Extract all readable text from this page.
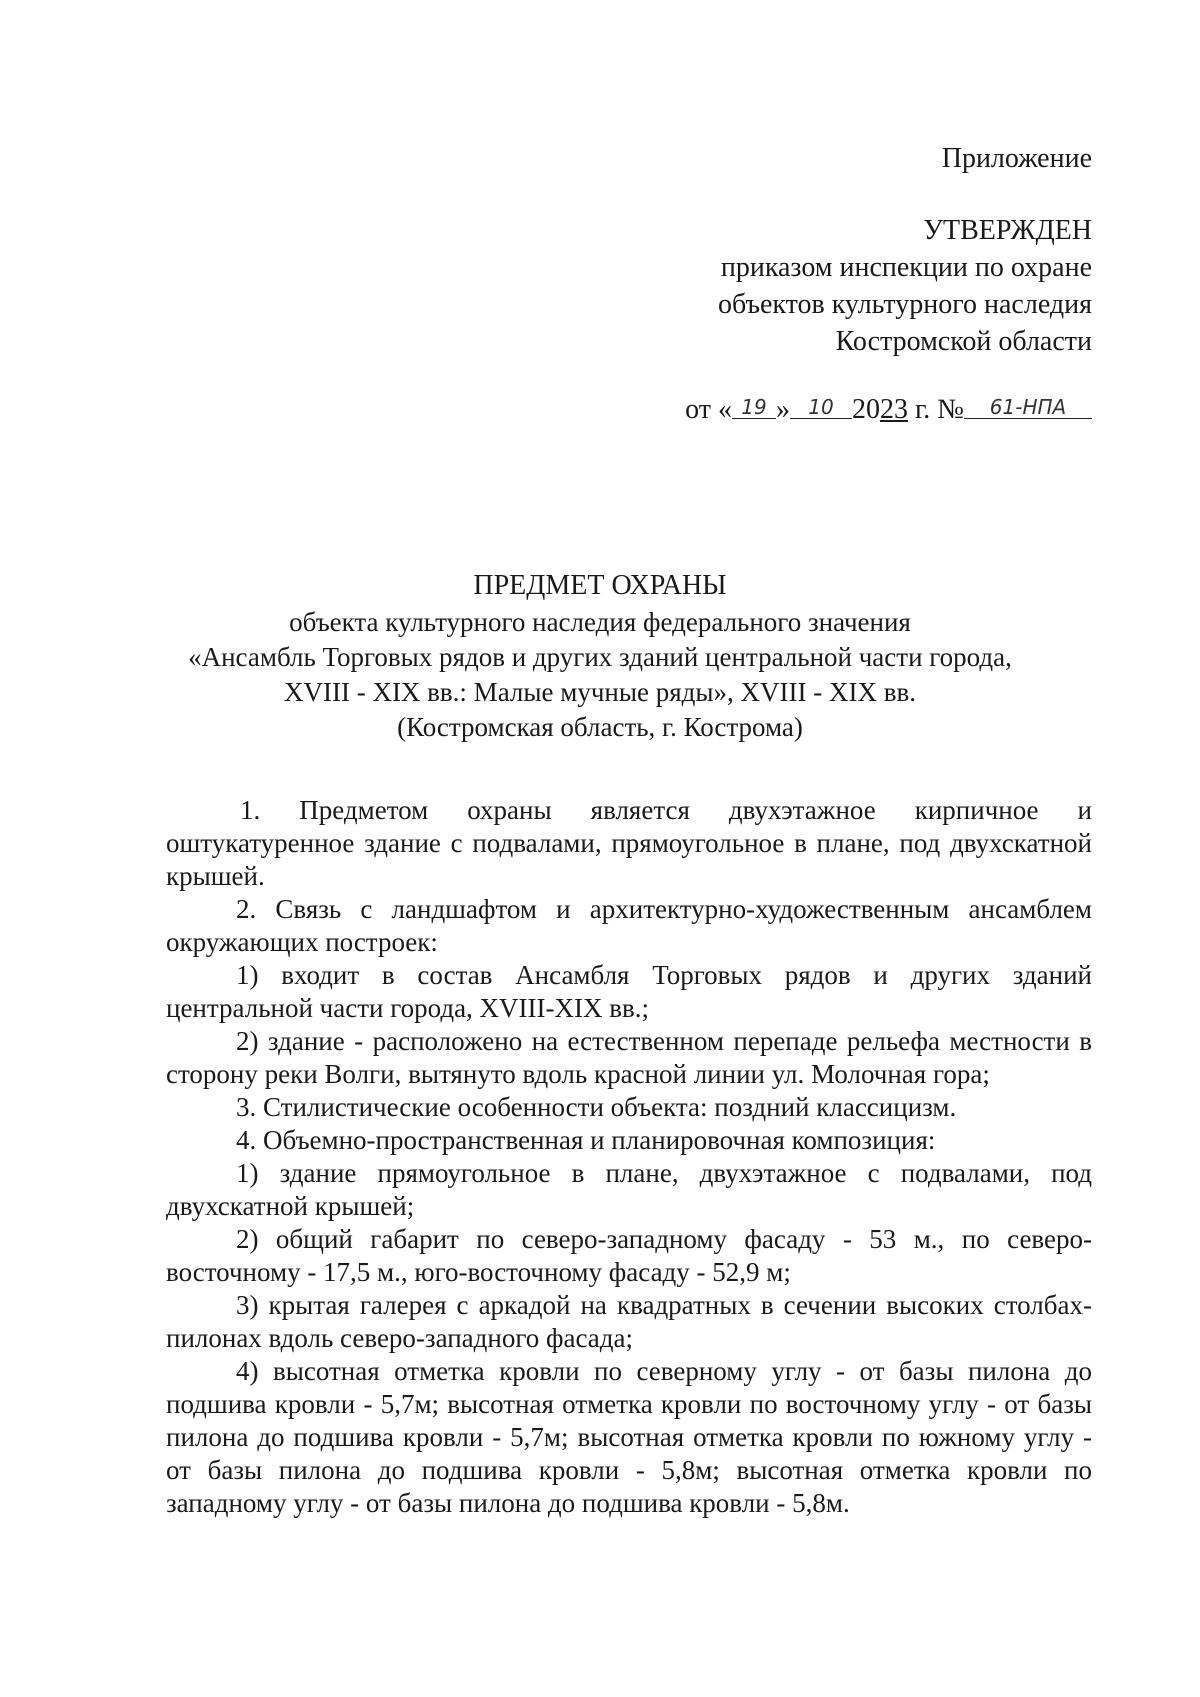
Приложение
УТВЕРЖДЕН
приказом инспекции по охране
объектов культурного наследия
Костромской области
от « 19 » 10 2023 г. № 61-НПА
ПРЕДМЕТ ОХРАНЫ
объекта культурного наследия федерального значения
«Ансамбль Торговых рядов и других зданий центральной части города,
XVIII - XIX вв.: Малые мучные ряды», XVIII - XIX вв.
(Костромская область, г. Кострома)

1. Предметом охраны является двухэтажное кирпичное и оштукатуренное здание с подвалами, прямоугольное в плане, под двухскатной крышей.

2. Связь с ландшафтом и архитектурно-художественным ансамблем окружающих построек:

1) входит в состав Ансамбля Торговых рядов и других зданий центральной части города, XVIII-XIX вв.;

2) здание - расположено на естественном перепаде рельефа местности в сторону реки Волги, вытянуто вдоль красной линии ул. Молочная гора;

3. Стилистические особенности объекта: поздний классицизм.

4. Объемно-пространственная и планировочная композиция:

1) здание прямоугольное в плане, двухэтажное с подвалами, под двухскатной крышей;

2) общий габарит по северо-западному фасаду - 53 м., по северо-восточному - 17,5 м., юго-восточному фасаду - 52,9 м;

3) крытая галерея с аркадой на квадратных в сечении высоких столбах-пилонах вдоль северо-западного фасада;

4) высотная отметка кровли по северному углу - от базы пилона до подшива кровли - 5,7м; высотная отметка кровли по восточному углу - от базы пилона до подшива кровли - 5,7м; высотная отметка кровли по южному углу - от базы пилона до подшива кровли - 5,8м; высотная отметка кровли по западному углу - от базы пилона до подшива кровли - 5,8м.
